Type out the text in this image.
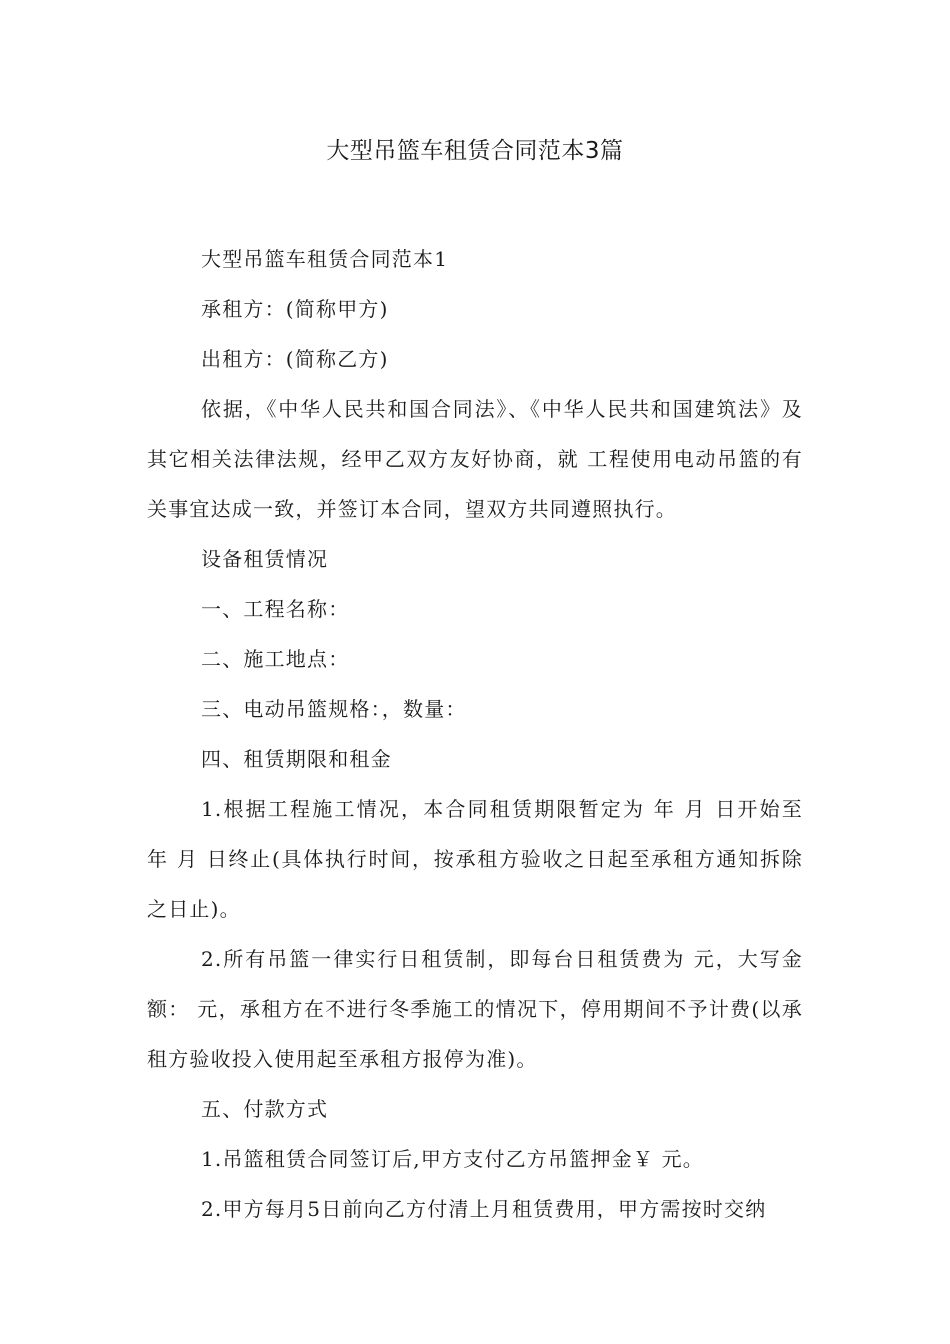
大型吊篮车租赁合同范本3篇

大型吊篮车租赁合同范本1

承租方：(简称甲方)

出租方：(简称乙方)

依据，《中华人民共和国合同法》、《中华人民共和国建筑法》及其它相关法律法规，经甲乙双方友好协商，就 工程使用电动吊篮的有关事宜达成一致，并签订本合同，望双方共同遵照执行。

设备租赁情况

一、工程名称：

二、施工地点：

三、电动吊篮规格：，数量：

四、租赁期限和租金

1.根据工程施工情况，本合同租赁期限暂定为 年 月 日开始至 年 月 日终止(具体执行时间，按承租方验收之日起至承租方通知拆除之日止)。

2.所有吊篮一律实行日租赁制，即每台日租赁费为 元，大写金额： 元，承租方在不进行冬季施工的情况下，停用期间不予计费(以承租方验收投入使用起至承租方报停为准)。

五、付款方式

1.吊篮租赁合同签订后,甲方支付乙方吊篮押金￥ 元。

2.甲方每月5日前向乙方付清上月租赁费用，甲方需按时交纳
